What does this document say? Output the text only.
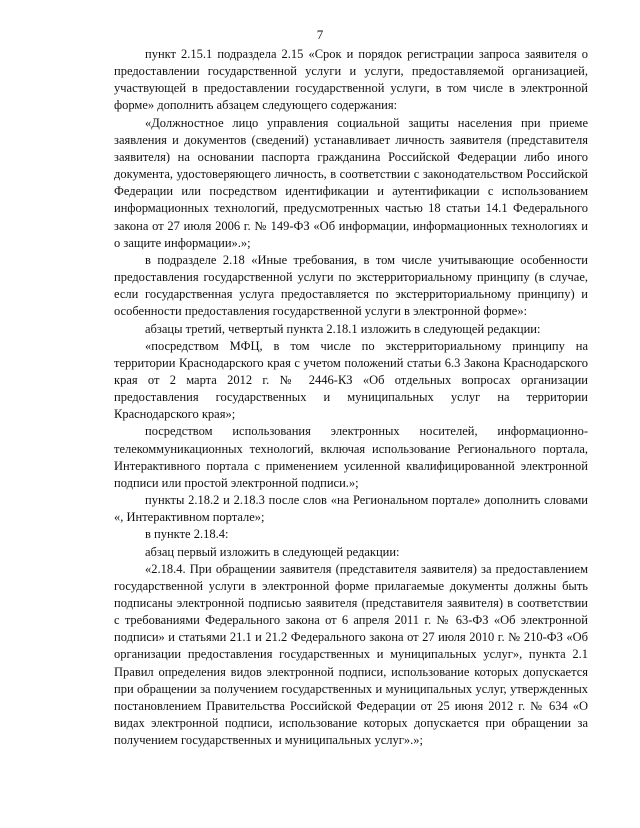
7

пункт 2.15.1 подраздела 2.15 «Срок и порядок регистрации запроса заявителя о предоставлении государственной услуги и услуги, предоставляемой организацией, участвующей в предоставлении государственной услуги, в том числе в электронной форме» дополнить абзацем следующего содержания:

«Должностное лицо управления социальной защиты населения при приеме заявления и документов (сведений) устанавливает личность заявителя (представителя заявителя) на основании паспорта гражданина Российской Федерации либо иного документа, удостоверяющего личность, в соответствии с законодательством Российской Федерации или посредством идентификации и аутентификации с использованием информационных технологий, предусмотренных частью 18 статьи 14.1 Федерального закона от 27 июля 2006 г. № 149-ФЗ «Об информации, информационных технологиях и о защите информации».»;

в подразделе 2.18 «Иные требования, в том числе учитывающие особенности предоставления государственной услуги по экстерриториальному принципу (в случае, если государственная услуга предоставляется по экстерриториальному принципу) и особенности предоставления государственной услуги в электронной форме»:

абзацы третий, четвертый пункта 2.18.1 изложить в следующей редакции:

«посредством МФЦ, в том числе по экстерриториальному принципу на территории Краснодарского края с учетом положений статьи 6.3 Закона Краснодарского края от 2 марта 2012 г. № 2446-КЗ «Об отдельных вопросах организации предоставления государственных и муниципальных услуг на территории Краснодарского края»;

посредством использования электронных носителей, информационно-телекоммуникационных технологий, включая использование Регионального портала, Интерактивного портала с применением усиленной квалифицированной электронной подписи или простой электронной подписи.»;

пункты 2.18.2 и 2.18.3 после слов «на Региональном портале» дополнить словами «, Интерактивном портале»;

в пункте 2.18.4:

абзац первый изложить в следующей редакции:

«2.18.4. При обращении заявителя (представителя заявителя) за предоставлением государственной услуги в электронной форме прилагаемые документы должны быть подписаны электронной подписью заявителя (представителя заявителя) в соответствии с требованиями Федерального закона от 6 апреля 2011 г. № 63-ФЗ «Об электронной подписи» и статьями 21.1 и 21.2 Федерального закона от 27 июля 2010 г. № 210-ФЗ «Об организации предоставления государственных и муниципальных услуг», пункта 2.1 Правил определения видов электронной подписи, использование которых допускается при обращении за получением государственных и муниципальных услуг, утвержденных постановлением Правительства Российской Федерации от 25 июня 2012 г. № 634 «О видах электронной подписи, использование которых допускается при обращении за получением государственных и муниципальных услуг».»;
